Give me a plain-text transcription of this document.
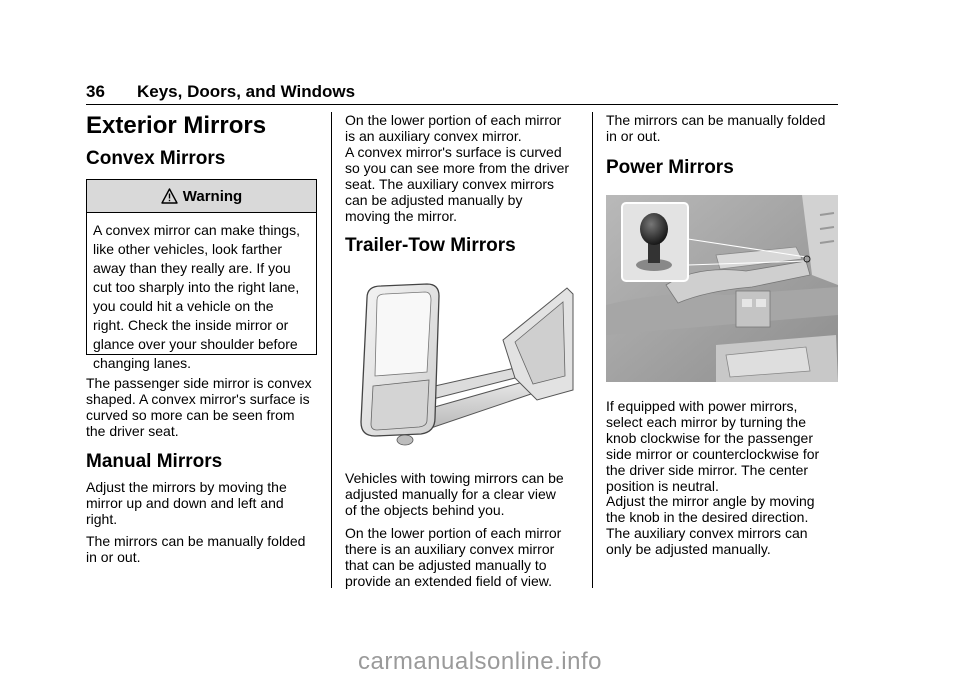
36 Keys, Doors, and Windows
Exterior Mirrors
Convex Mirrors
Warning
A convex mirror can make things,
like other vehicles, look farther
away than they really are. If you
cut too sharply into the right lane,
you could hit a vehicle on the
right. Check the inside mirror or
glance over your shoulder before
changing lanes.
The passenger side mirror is convex
shaped. A convex mirror's surface is
curved so more can be seen from
the driver seat.
Manual Mirrors
Adjust the mirrors by moving the
mirror up and down and left and
right.
The mirrors can be manually folded
in or out.
On the lower portion of each mirror
is an auxiliary convex mirror.
A convex mirror's surface is curved
so you can see more from the driver
seat. The auxiliary convex mirrors
can be adjusted manually by
moving the mirror.
Trailer-Tow Mirrors
Vehicles with towing mirrors can be
adjusted manually for a clear view
of the objects behind you.
On the lower portion of each mirror
there is an auxiliary convex mirror
that can be adjusted manually to
provide an extended field of view.
The mirrors can be manually folded
in or out.
Power Mirrors
If equipped with power mirrors,
select each mirror by turning the
knob clockwise for the passenger
side mirror or counterclockwise for
the driver side mirror. The center
position is neutral.
Adjust the mirror angle by moving
the knob in the desired direction.
The auxiliary convex mirrors can
only be adjusted manually.
carmanualsonline.info
